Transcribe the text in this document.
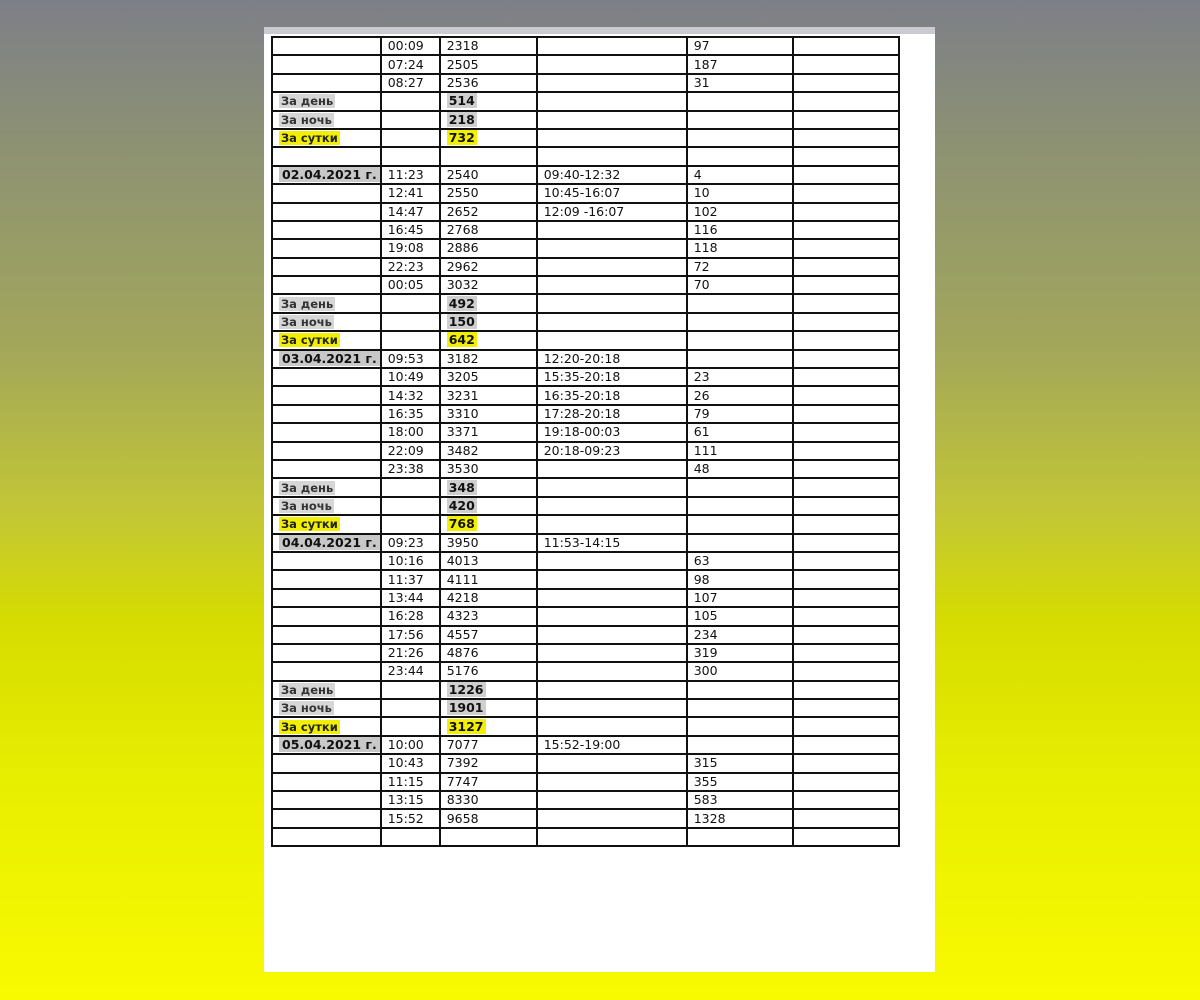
	00:09	2318		97	
	07:24	2505		187	
	08:27	2536		31	
За день		514			
За ночь		218			
За сутки		732			

02.04.2021 г.	11:23	2540	09:40-12:32	4	
	12:41	2550	10:45-16:07	10	
	14:47	2652	12:09 -16:07	102	
	16:45	2768		116	
	19:08	2886		118	
	22:23	2962		72	
	00:05	3032		70	
За день		492			
За ночь		150			
За сутки		642			
03.04.2021 г.	09:53	3182	12:20-20:18		
	10:49	3205	15:35-20:18	23	
	14:32	3231	16:35-20:18	26	
	16:35	3310	17:28-20:18	79	
	18:00	3371	19:18-00:03	61	
	22:09	3482	20:18-09:23	111	
	23:38	3530		48	
За день		348			
За ночь		420			
За сутки		768			
04.04.2021 г.	09:23	3950	11:53-14:15		
	10:16	4013		63	
	11:37	4111		98	
	13:44	4218		107	
	16:28	4323		105	
	17:56	4557		234	
	21:26	4876		319	
	23:44	5176		300	
За день		1226			
За ночь		1901			
За сутки		3127			
05.04.2021 г.	10:00	7077	15:52-19:00		
	10:43	7392		315	
	11:15	7747		355	
	13:15	8330		583	
	15:52	9658		1328	
